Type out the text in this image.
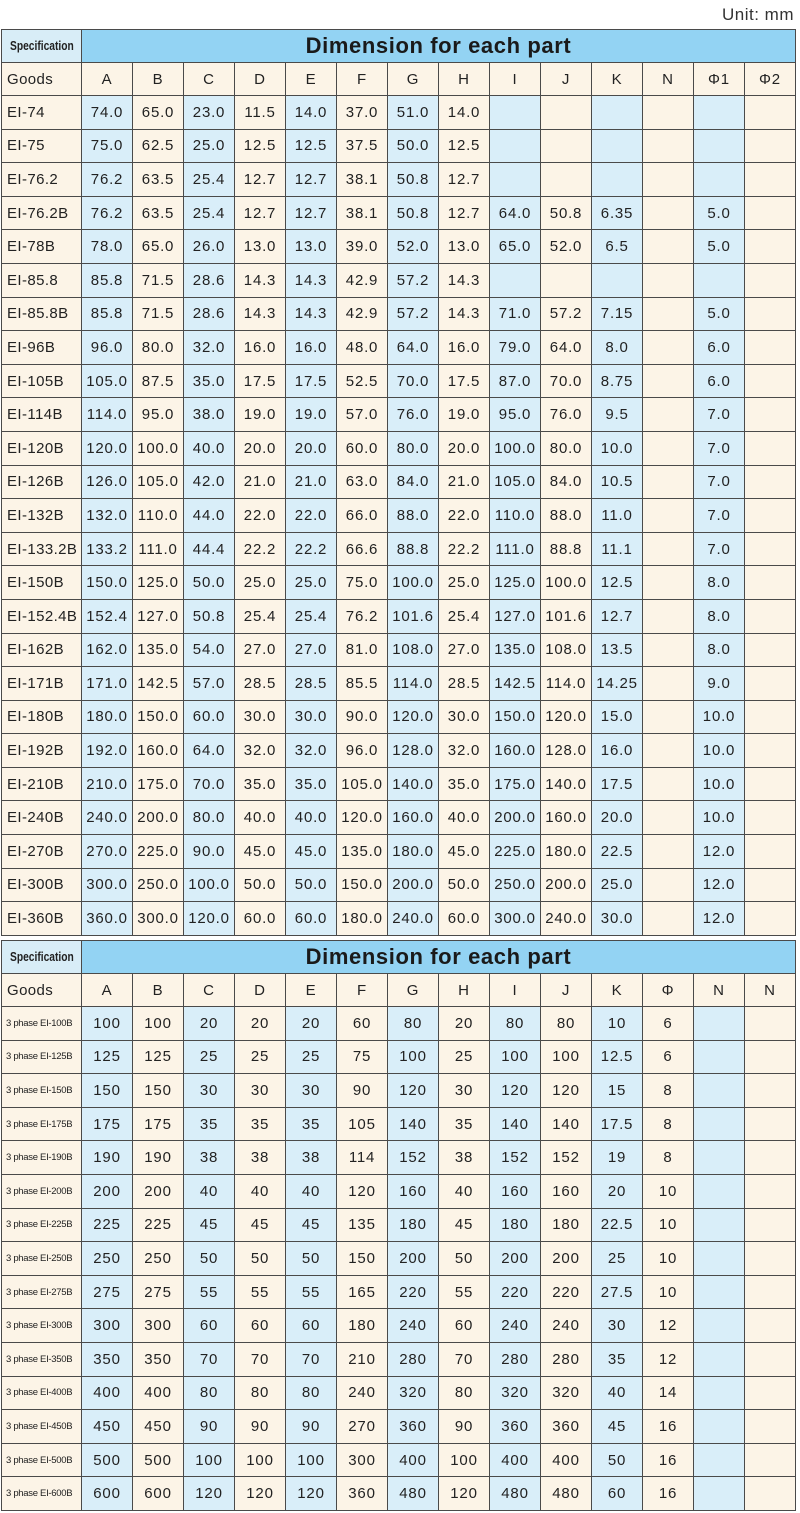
Unit: mm
Specification	Dimension for each part													
Goods	A	B	C	D	E	F	G	H	I	J	K	N	Φ1	Φ2
EI-74	74.0	65.0	23.0	11.5	14.0	37.0	51.0	14.0						
EI-75	75.0	62.5	25.0	12.5	12.5	37.5	50.0	12.5						
EI-76.2	76.2	63.5	25.4	12.7	12.7	38.1	50.8	12.7						
EI-76.2B	76.2	63.5	25.4	12.7	12.7	38.1	50.8	12.7	64.0	50.8	6.35		5.0	
EI-78B	78.0	65.0	26.0	13.0	13.0	39.0	52.0	13.0	65.0	52.0	6.5		5.0	
EI-85.8	85.8	71.5	28.6	14.3	14.3	42.9	57.2	14.3						
EI-85.8B	85.8	71.5	28.6	14.3	14.3	42.9	57.2	14.3	71.0	57.2	7.15		5.0	
EI-96B	96.0	80.0	32.0	16.0	16.0	48.0	64.0	16.0	79.0	64.0	8.0		6.0	
EI-105B	105.0	87.5	35.0	17.5	17.5	52.5	70.0	17.5	87.0	70.0	8.75		6.0	
EI-114B	114.0	95.0	38.0	19.0	19.0	57.0	76.0	19.0	95.0	76.0	9.5		7.0	
EI-120B	120.0	100.0	40.0	20.0	20.0	60.0	80.0	20.0	100.0	80.0	10.0		7.0	
EI-126B	126.0	105.0	42.0	21.0	21.0	63.0	84.0	21.0	105.0	84.0	10.5		7.0	
EI-132B	132.0	110.0	44.0	22.0	22.0	66.0	88.0	22.0	110.0	88.0	11.0		7.0	
EI-133.2B	133.2	111.0	44.4	22.2	22.2	66.6	88.8	22.2	111.0	88.8	11.1		7.0	
EI-150B	150.0	125.0	50.0	25.0	25.0	75.0	100.0	25.0	125.0	100.0	12.5		8.0	
EI-152.4B	152.4	127.0	50.8	25.4	25.4	76.2	101.6	25.4	127.0	101.6	12.7		8.0	
EI-162B	162.0	135.0	54.0	27.0	27.0	81.0	108.0	27.0	135.0	108.0	13.5		8.0	
EI-171B	171.0	142.5	57.0	28.5	28.5	85.5	114.0	28.5	142.5	114.0	14.25		9.0	
EI-180B	180.0	150.0	60.0	30.0	30.0	90.0	120.0	30.0	150.0	120.0	15.0		10.0	
EI-192B	192.0	160.0	64.0	32.0	32.0	96.0	128.0	32.0	160.0	128.0	16.0		10.0	
EI-210B	210.0	175.0	70.0	35.0	35.0	105.0	140.0	35.0	175.0	140.0	17.5		10.0	
EI-240B	240.0	200.0	80.0	40.0	40.0	120.0	160.0	40.0	200.0	160.0	20.0		10.0	
EI-270B	270.0	225.0	90.0	45.0	45.0	135.0	180.0	45.0	225.0	180.0	22.5		12.0	
EI-300B	300.0	250.0	100.0	50.0	50.0	150.0	200.0	50.0	250.0	200.0	25.0		12.0	
EI-360B	360.0	300.0	120.0	60.0	60.0	180.0	240.0	60.0	300.0	240.0	30.0		12.0	
Specification	Dimension for each part													
Goods	A	B	C	D	E	F	G	H	I	J	K	Φ	N	N
3 phase EI-100B	100	100	20	20	20	60	80	20	80	80	10	6		
3 phase EI-125B	125	125	25	25	25	75	100	25	100	100	12.5	6		
3 phase EI-150B	150	150	30	30	30	90	120	30	120	120	15	8		
3 phase EI-175B	175	175	35	35	35	105	140	35	140	140	17.5	8		
3 phase EI-190B	190	190	38	38	38	114	152	38	152	152	19	8		
3 phase EI-200B	200	200	40	40	40	120	160	40	160	160	20	10		
3 phase EI-225B	225	225	45	45	45	135	180	45	180	180	22.5	10		
3 phase EI-250B	250	250	50	50	50	150	200	50	200	200	25	10		
3 phase EI-275B	275	275	55	55	55	165	220	55	220	220	27.5	10		
3 phase EI-300B	300	300	60	60	60	180	240	60	240	240	30	12		
3 phase EI-350B	350	350	70	70	70	210	280	70	280	280	35	12		
3 phase EI-400B	400	400	80	80	80	240	320	80	320	320	40	14		
3 phase EI-450B	450	450	90	90	90	270	360	90	360	360	45	16		
3 phase EI-500B	500	500	100	100	100	300	400	100	400	400	50	16		
3 phase EI-600B	600	600	120	120	120	360	480	120	480	480	60	16		
